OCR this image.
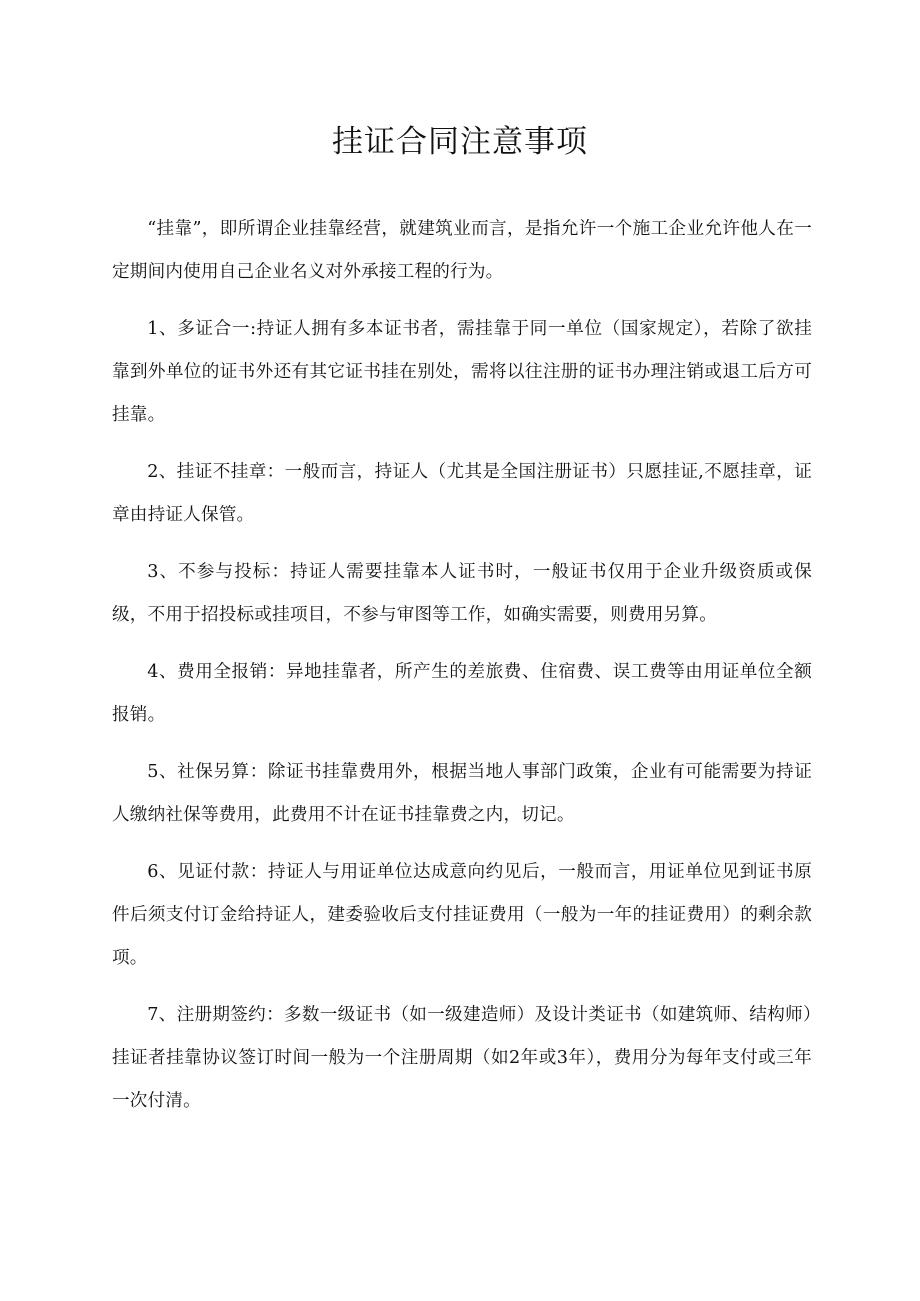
挂证合同注意事项

“挂靠”，即所谓企业挂靠经营，就建筑业而言，是指允许一个施工企业允许他人在一定期间内使用自己企业名义对外承接工程的行为。

1、多证合一:持证人拥有多本证书者，需挂靠于同一单位（国家规定），若除了欲挂靠到外单位的证书外还有其它证书挂在别处，需将以往注册的证书办理注销或退工后方可挂靠。

2、挂证不挂章：一般而言，持证人（尤其是全国注册证书）只愿挂证,不愿挂章，证章由持证人保管。

3、不参与投标：持证人需要挂靠本人证书时，一般证书仅用于企业升级资质或保级，不用于招投标或挂项目，不参与审图等工作，如确实需要，则费用另算。

4、费用全报销：异地挂靠者，所产生的差旅费、住宿费、误工费等由用证单位全额报销。

5、社保另算：除证书挂靠费用外，根据当地人事部门政策，企业有可能需要为持证人缴纳社保等费用，此费用不计在证书挂靠费之内，切记。

6、见证付款：持证人与用证单位达成意向约见后，一般而言，用证单位见到证书原件后须支付订金给持证人，建委验收后支付挂证费用（一般为一年的挂证费用）的剩余款项。

7、注册期签约：多数一级证书（如一级建造师）及设计类证书（如建筑师、结构师）挂证者挂靠协议签订时间一般为一个注册周期（如2年或3年），费用分为每年支付或三年一次付清。
